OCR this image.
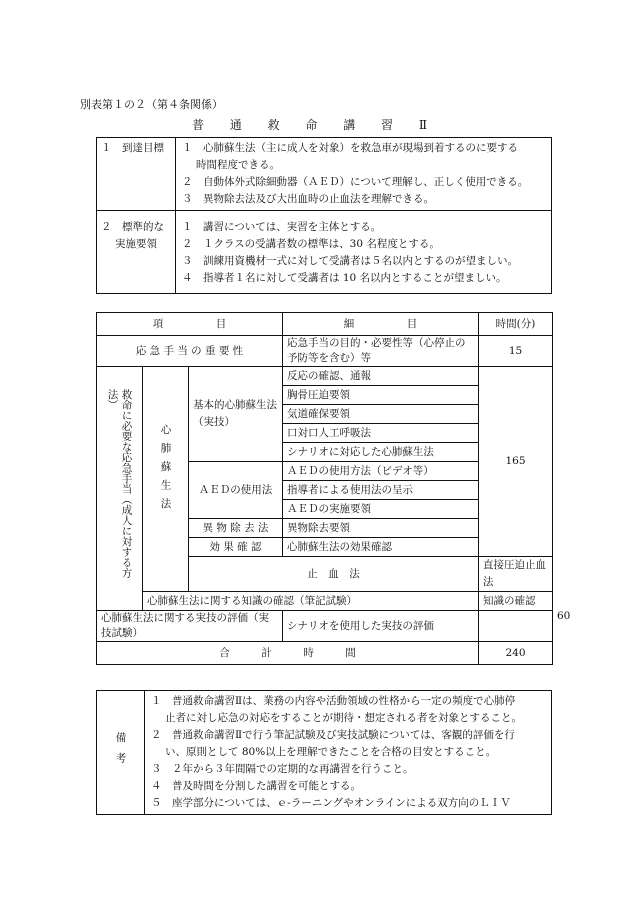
別表第１の２（第４条関係）
普 通 救 命 講 習 Ⅱ
１　到達目標	１　心肺蘇生法（主に成人を対象）を救急車が現場到着するのに要する
時間程度できる。
２　自動体外式除細動器（ＡＥＤ）について理解し、正しく使用できる。
３　異物除去法及び大出血時の止血法を理解できる。

２　標準的な
実施要領	１　講習については、実習を主体とする。
２　１クラスの受講者数の標準は、30 名程度とする。
３　訓練用資機材一式に対して受講者は５名以内とするのが望ましい。
４　指導者１名に対して受講者は 10 名以内とすることが望ましい。
項　　　　　目			細　　　　　目	時間(分)	
応 急 手 当 の 重 要 性			応急手当の目的・必要性等（心停止の予防等を含む）等	15	

救命に必要な応急手当（成人に対する方法）	心肺蘇生法	基本的心肺蘇生法（実技）	反応の確認、通報	165	
			胸骨圧迫要領		
			気道確保要領		
			口対口人工呼吸法		
			シナリオに対応した心肺蘇生法		
		ＡＥＤの使用法	ＡＥＤの使用方法（ビデオ等）		
			指導者による使用法の呈示		
			ＡＥＤの実施要領		
		異 物 除 去 法	異物除去要領		
		効 果 確 認	心肺蘇生法の効果確認		
		止　血　法		直接圧迫止血法	
	心肺蘇生法に関する知識の確認（筆記試験）			知識の確認	60
心肺蘇生法に関する実技の評価（実技試験）			シナリオを使用した実技の評価		
合　　　計　　　時　　　間				240	
備考

１　普通救命講習Ⅱは、業務の内容や活動領域の性格から一定の頻度で心肺停
止者に対し応急の対応をすることが期待・想定される者を対象とすること。
２　普通救命講習Ⅱで行う筆記試験及び実技試験については、客観的評価を行
い、原則として 80%以上を理解できたことを合格の目安とすること。
３　２年から３年間隔での定期的な再講習を行うこと。
４　普及時間を分割した講習を可能とする。
５　座学部分については、ｅ-ラーニングやオンラインによる双方向のＬＩＶ
